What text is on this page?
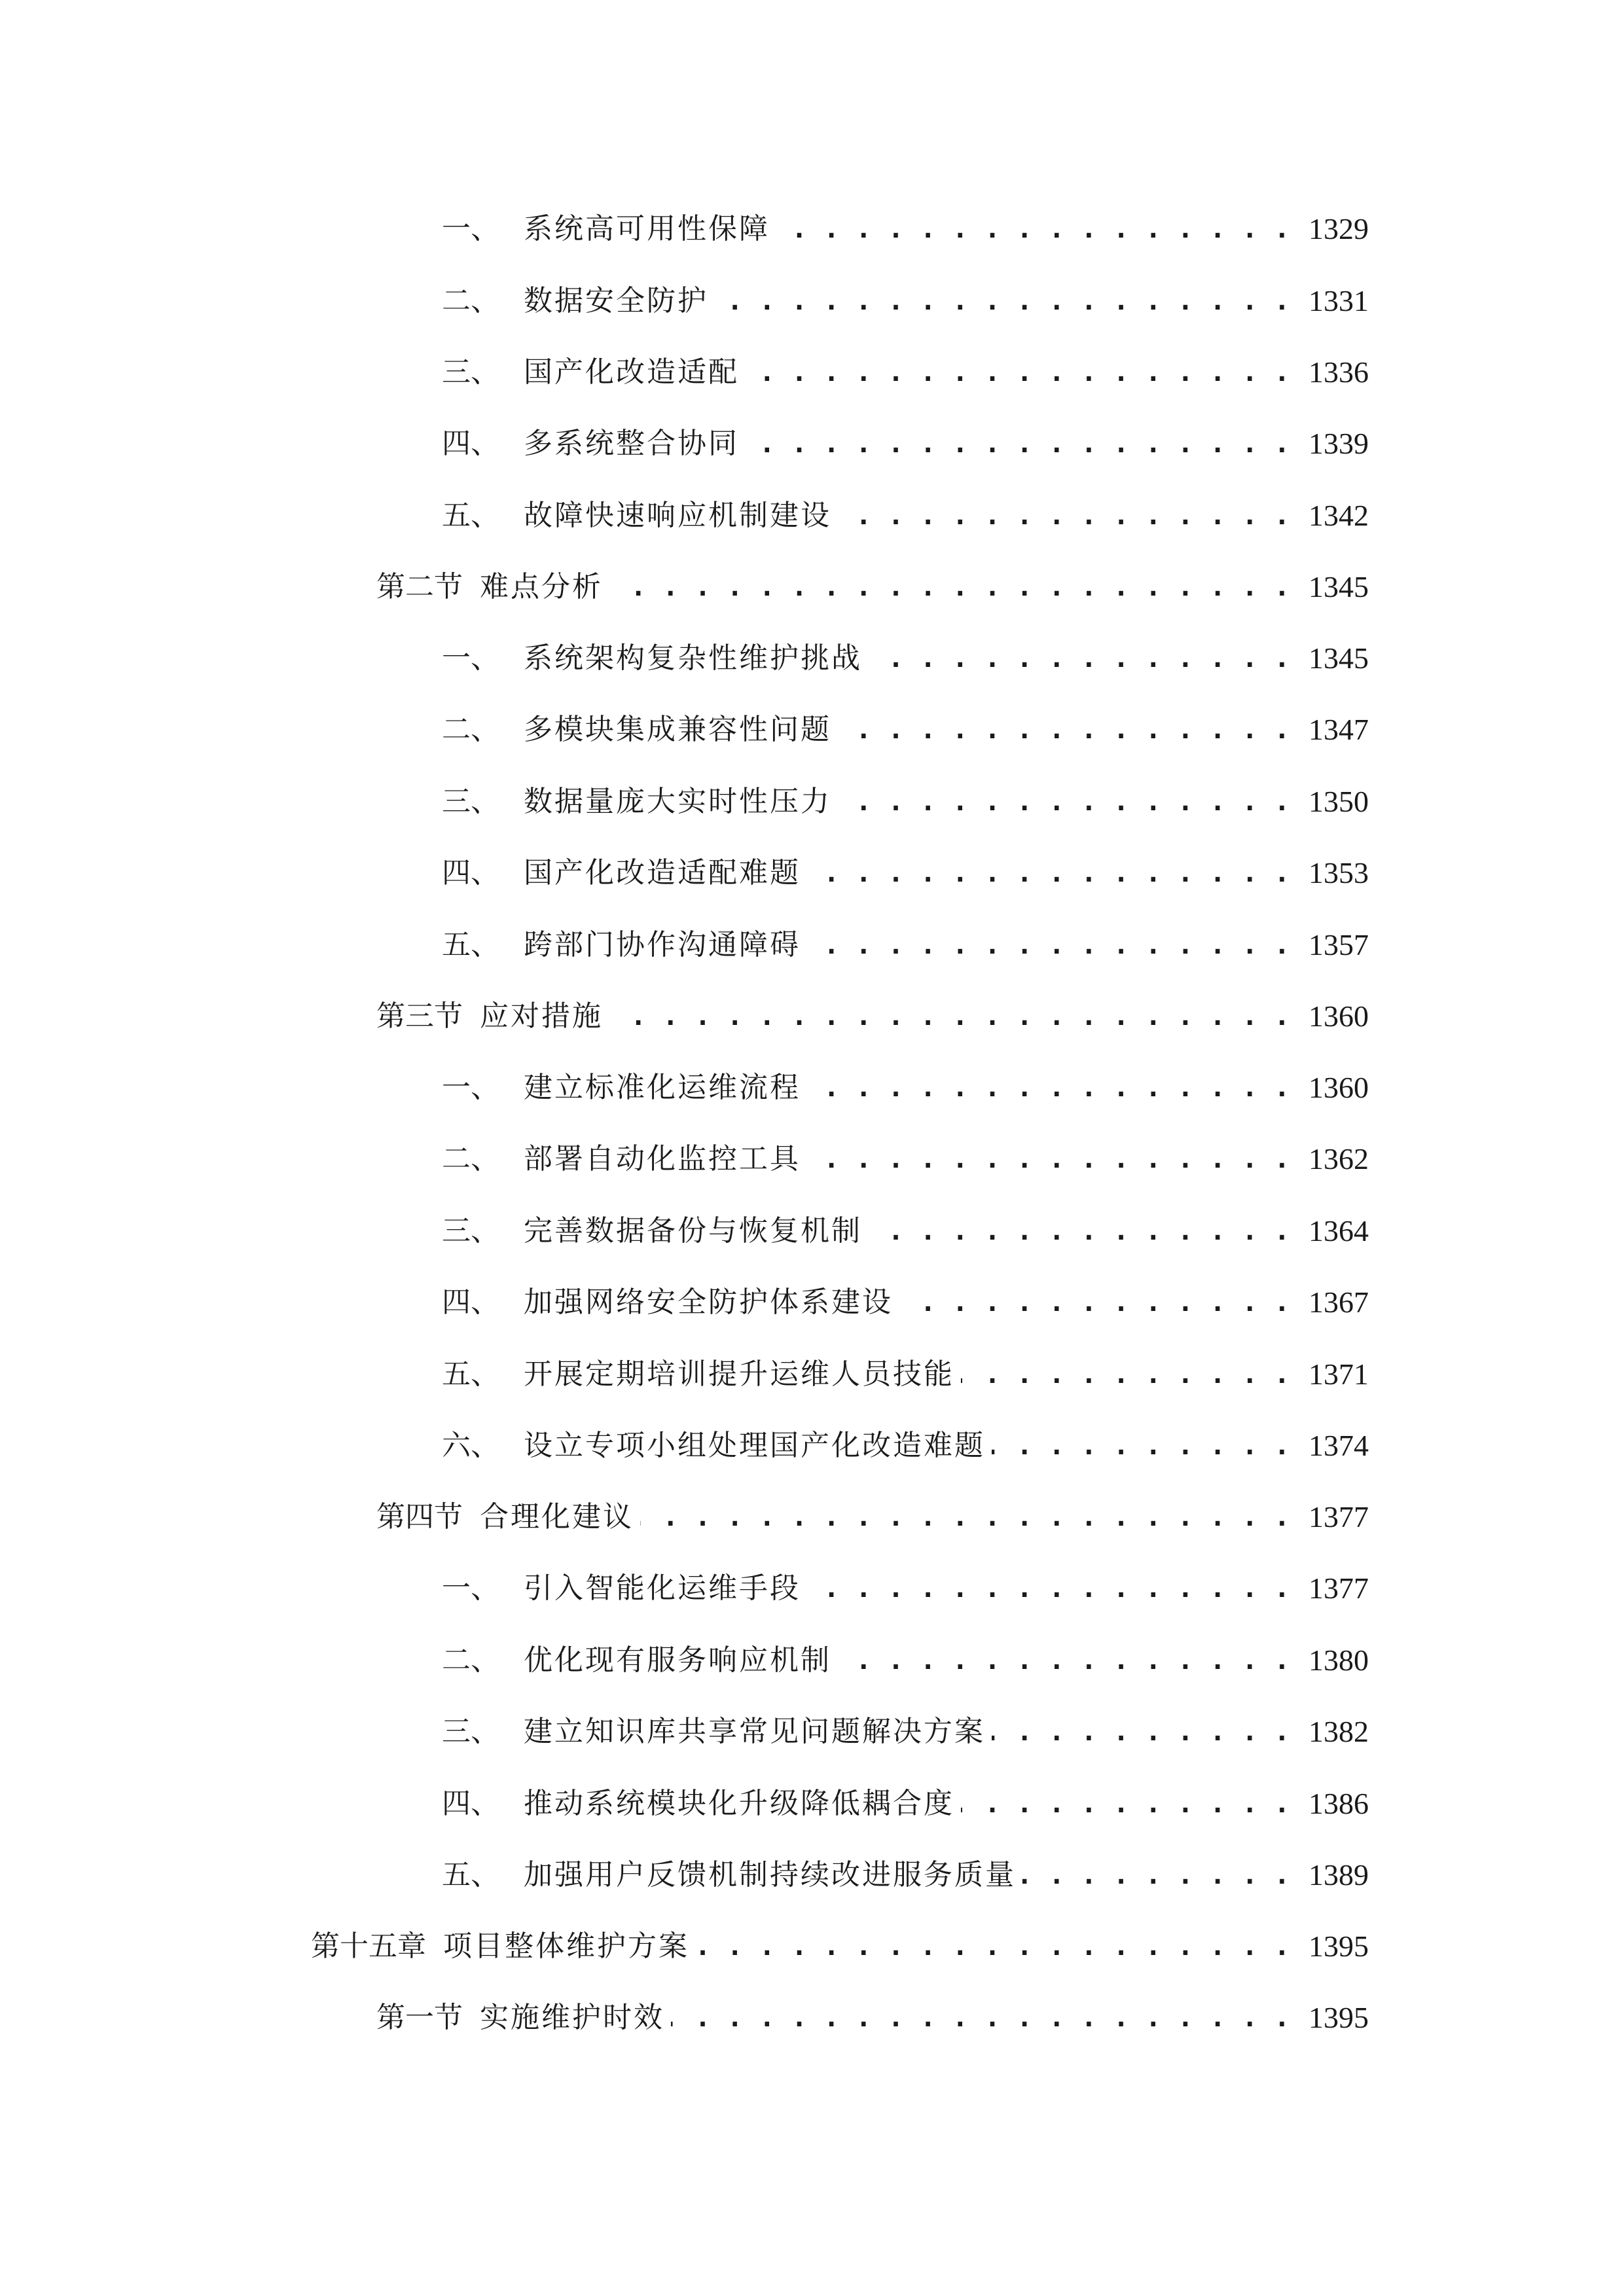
一、 系统高可用性保障 . . .	1329
二、 数据安全防护 . . .	1331
三、 国产化改造适配 . . .	1336
四、 多系统整合协同 . . .	1339
五、 故障快速响应机制建设 . . .	1342
第二节 难点分析 . . .	1345
一、 系统架构复杂性维护挑战 . . .	1345
二、 多模块集成兼容性问题 . . .	1347
三、 数据量庞大实时性压力 . . .	1350
四、 国产化改造适配难题 . . .	1353
五、 跨部门协作沟通障碍 . . .	1357
第三节 应对措施 . . .	1360
一、 建立标准化运维流程 . . .	1360
二、 部署自动化监控工具 . . .	1362
三、 完善数据备份与恢复机制 . . .	1364
四、 加强网络安全防护体系建设 . . .	1367
五、 开展定期培训提升运维人员技能 . . .	1371
六、 设立专项小组处理国产化改造难题 . . .	1374
第四节 合理化建议 . . .	1377
一、 引入智能化运维手段 . . .	1377
二、 优化现有服务响应机制 . . .	1380
三、 建立知识库共享常见问题解决方案 . . .	1382
四、 推动系统模块化升级降低耦合度 . . .	1386
五、 加强用户反馈机制持续改进服务质量 . . .	1389
第十五章 项目整体维护方案 . . .	1395
第一节 实施维护时效 . . .	1395
